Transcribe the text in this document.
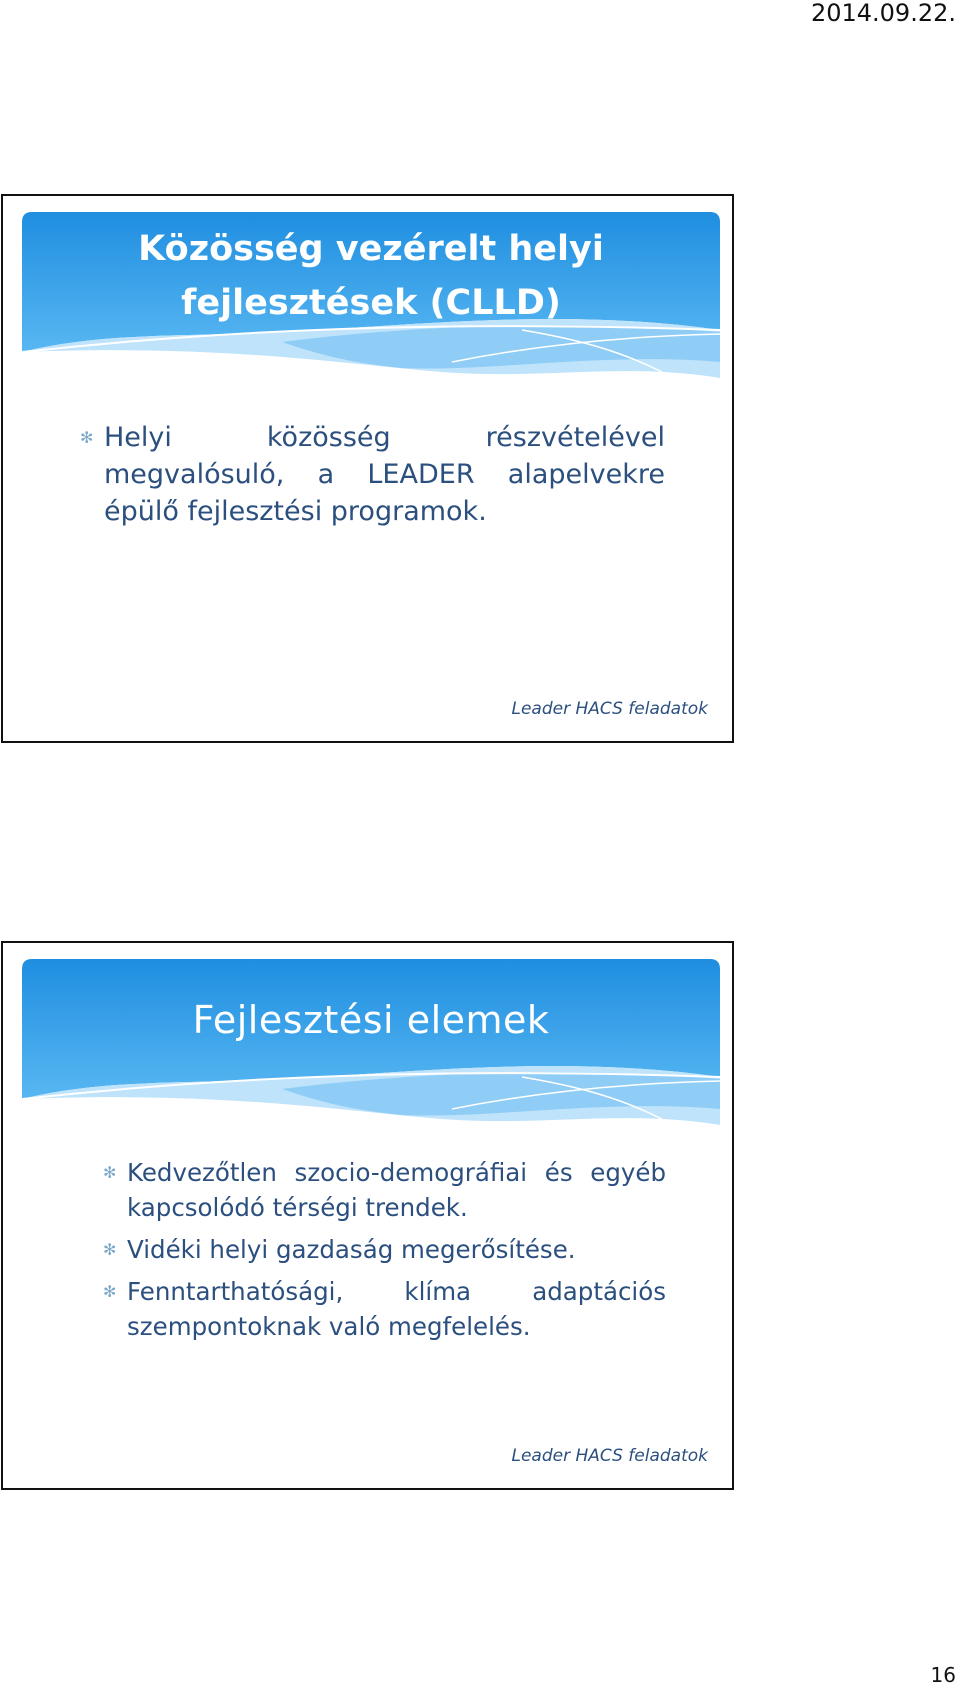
2014.09.22.
Közösség vezérelt helyi
fejlesztések (CLLD)
✻ Helyi közösség részvételével megvalósuló, a LEADER alapelvekre épülő fejlesztési programok.
Leader HACS feladatok
Fejlesztési elemek
✻ Kedvezőtlen szocio-demográfiai és egyéb kapcsolódó térségi trendek.
✻ Vidéki helyi gazdaság megerősítése.
✻ Fenntarthatósági, klíma adaptációs szempontoknak való megfelelés.
Leader HACS feladatok
16
